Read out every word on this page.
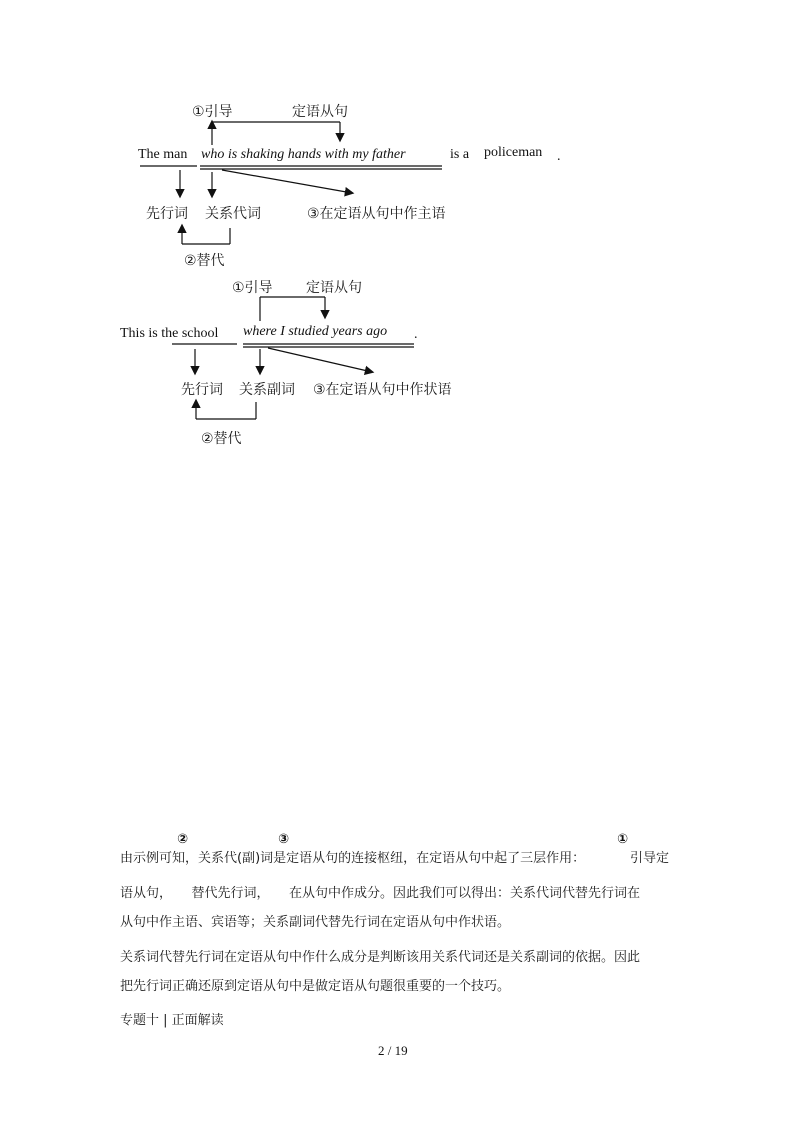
①引导	定语从句
The man who is shaking hands with my father	is a policeman .
先行词 关系代词	③在定语从句中作主语
②替代
①引导 定语从句
This is the school where I studied years ago .
先行词 关系副词 ③在定语从句中作状语
②替代
②	③	①
由示例可知，关系代(副)词是定语从句的连接枢纽，在定语从句中起了三层作用：	引导定
语从句，　　替代先行词，　　在从句中作成分。因此我们可以得出：关系代词代替先行词在
从句中作主语、宾语等；关系副词代替先行词在定语从句中作状语。
关系词代替先行词在定语从句中作什么成分是判断该用关系代词还是关系副词的依据。因此
把先行词正确还原到定语从句中是做定语从句题很重要的一个技巧。
专题十 | 正面解读
2 / 19
